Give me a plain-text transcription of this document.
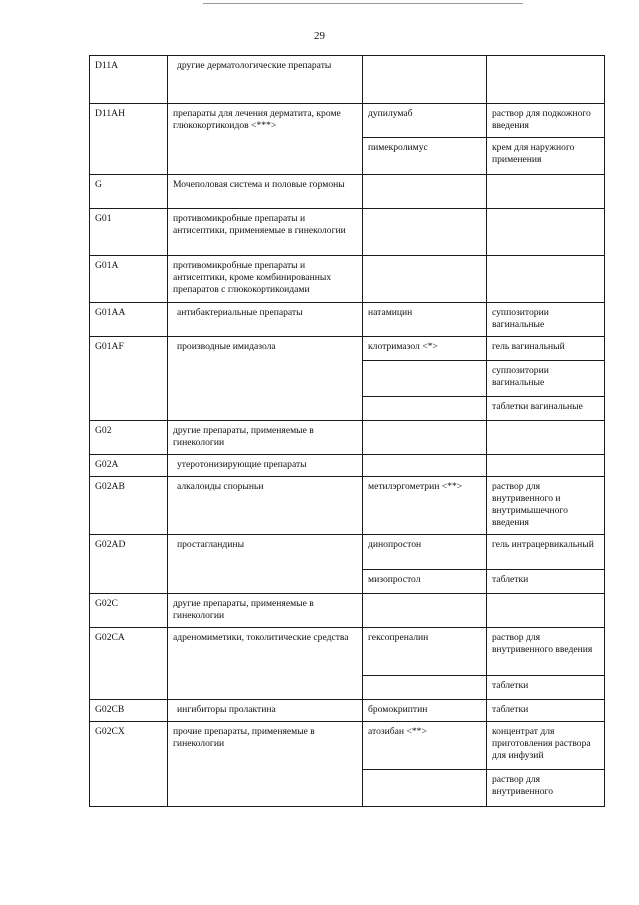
29
D11A	другие дерматологические препараты		
D11AH	препараты для лечения дерматита, кроме глюкокортикоидов <***>	дупилумаб	раствор для подкожного введения
		пимекролимус	крем для наружного применения
G	Мочеполовая система и половые гормоны		
G01	противомикробные препараты и антисептики, применяемые в гинекологии		
G01A	противомикробные препараты и антисептики, кроме комбинированных препаратов с глюкокортикоидами		
G01AA	антибактериальные препараты	натамицин	суппозитории вагинальные
G01AF	производные имидазола	клотримазол <*>	гель вагинальный
			суппозитории вагинальные
			таблетки вагинальные
G02	другие препараты, применяемые в гинекологии		
G02A	утеротонизирующие препараты		
G02AB	алкалоиды спорыньи	метилэргометрин <**>	раствор для внутривенного и внутримышечного введения
G02AD	простагландины	динопростон	гель интрацервикальный
		мизопростол	таблетки
G02C	другие препараты, применяемые в гинекологии		
G02CA	адреномиметики, токолитические средства	гексопреналин	раствор для внутривенного введения
			таблетки
G02CB	ингибиторы пролактина	бромокриптин	таблетки
G02CX	прочие препараты, применяемые в гинекологии	атозибан <**>	концентрат для приготовления раствора для инфузий
			раствор для внутривенного
